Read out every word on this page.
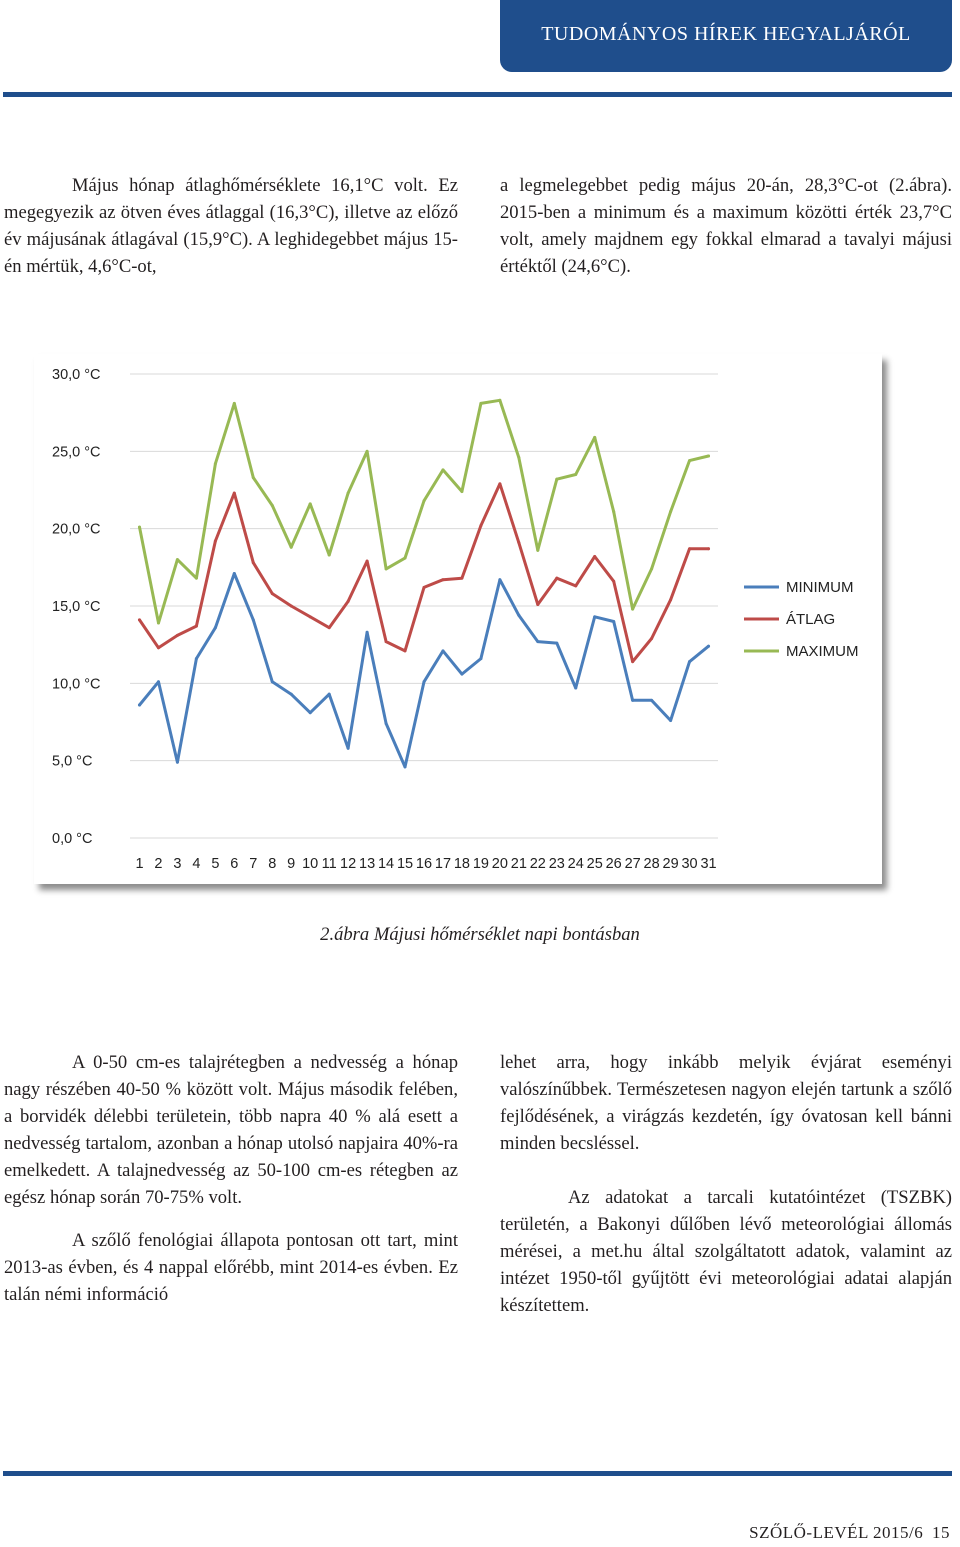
TUDOMÁNYOS HÍREK HEGYALJÁRÓL

Május hónap átlaghőmérséklete 16,1°C volt. Ez megegyezik az ötven éves átlaggal (16,3°C), illetve az előző év májusának átlagával (15,9°C). A leghidegebbet május 15-én mértük, 4,6°C-ot,

a legmelegebbet pedig május 20-án, 28,3°C-ot (2.ábra). 2015-ben a minimum és a maximum közötti érték 23,7°C volt, amely majdnem egy fokkal elmarad a tavalyi májusi értéktől (24,6°C).

0,0 °C
5,0 °C
10,0 °C
15,0 °C
20,0 °C
25,0 °C
30,0 °C
1 2 3 4 5 6 7 8 9 10 11 12 13 14 15 16 17 18 19 20 21 22 23 24 25 26 27 28 29 30 31
MINIMUM
ÁTLAG
MAXIMUM
2.ábra Májusi hőmérséklet napi bontásban

A 0-50 cm-es talajrétegben a nedvesség a hónap nagy részében 40-50 % között volt. Május második felében, a borvidék délebbi területein, több napra 40 % alá esett a nedvesség tartalom, azonban a hónap utolsó napjaira 40%-ra emelkedett. A talajnedvesség az 50-100 cm-es rétegben az egész hónap során 70-75% volt.

A szőlő fenológiai állapota pontosan ott tart, mint 2013-as évben, és 4 nappal előrébb, mint 2014-es évben. Ez talán némi információ

lehet arra, hogy inkább melyik évjárat eseményi valószínűbbek. Természetesen nagyon elején tartunk a szőlő fejlődésének, a virágzás kezdetén, így óvatosan kell bánni minden becsléssel.

Az adatokat a tarcali kutatóintézet (TSZBK) területén, a Bakonyi dűlőben lévő meteorológiai állomás mérései, a met.hu által szolgáltatott adatok, valamint az intézet 1950-től gyűjtött évi meteorológiai adatai alapján készítettem.

SZŐLŐ-LEVÉL 2015/6 15
